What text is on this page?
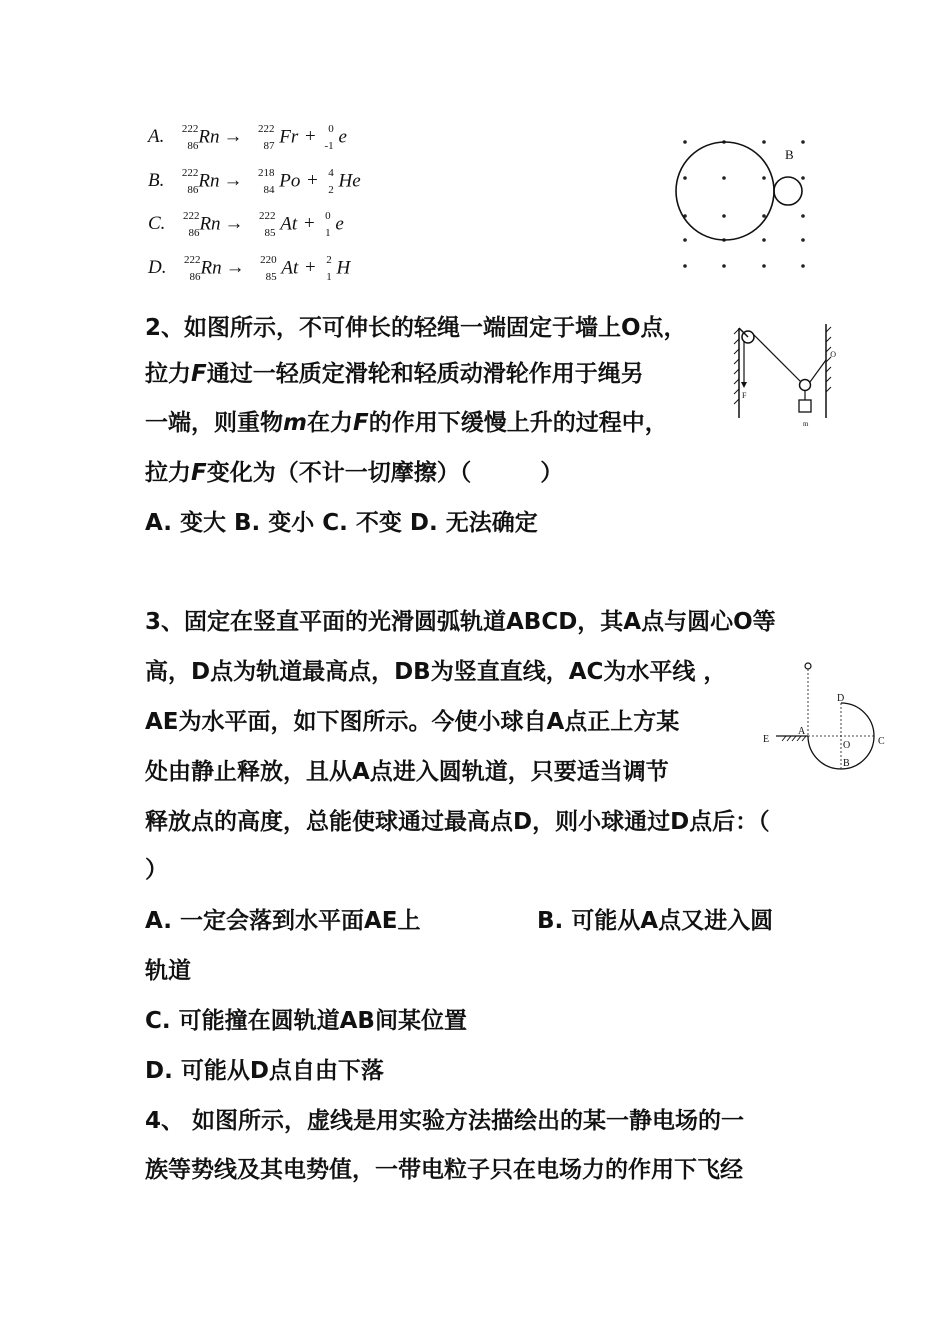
A. 222
86 Rn → 222
87 Fr + 0
-1 e
B. 222
86 Rn → 218
84 Po + 4
2 He
C. 222
86 Rn → 222
85 At + 0
1 e
D. 222
86 Rn → 220
85 At + 2
1 H
B
2、如图所示，不可伸长的轻绳一端固定于墙上O点，
拉力F通过一轻质定滑轮和轻质动滑轮作用于绳另
一端，则重物m在力F的作用下缓慢上升的过程中，
拉力F变化为（不计一切摩擦）（　　　）
A. 变大 B. 变小 C. 不变 D. 无法确定
F
O
m
3、固定在竖直平面的光滑圆弧轨道ABCD，其A点与圆心O等
高，D点为轨道最高点，DB为竖直直线，AC为水平线 ，
AE为水平面，如下图所示。今使小球自A点正上方某
处由静止释放，且从A点进入圆轨道，只要适当调节
释放点的高度，总能使球通过最高点D，则小球通过D点后：（
）
A. 一定会落到水平面AE上	B. 可能从A点又进入圆
轨道
C. 可能撞在圆轨道AB间某位置
D. 可能从D点自由下落
D
A
E
O	C
B
4、 如图所示，虚线是用实验方法描绘出的某一静电场的一
族等势线及其电势值，一带电粒子只在电场力的作用下飞经
